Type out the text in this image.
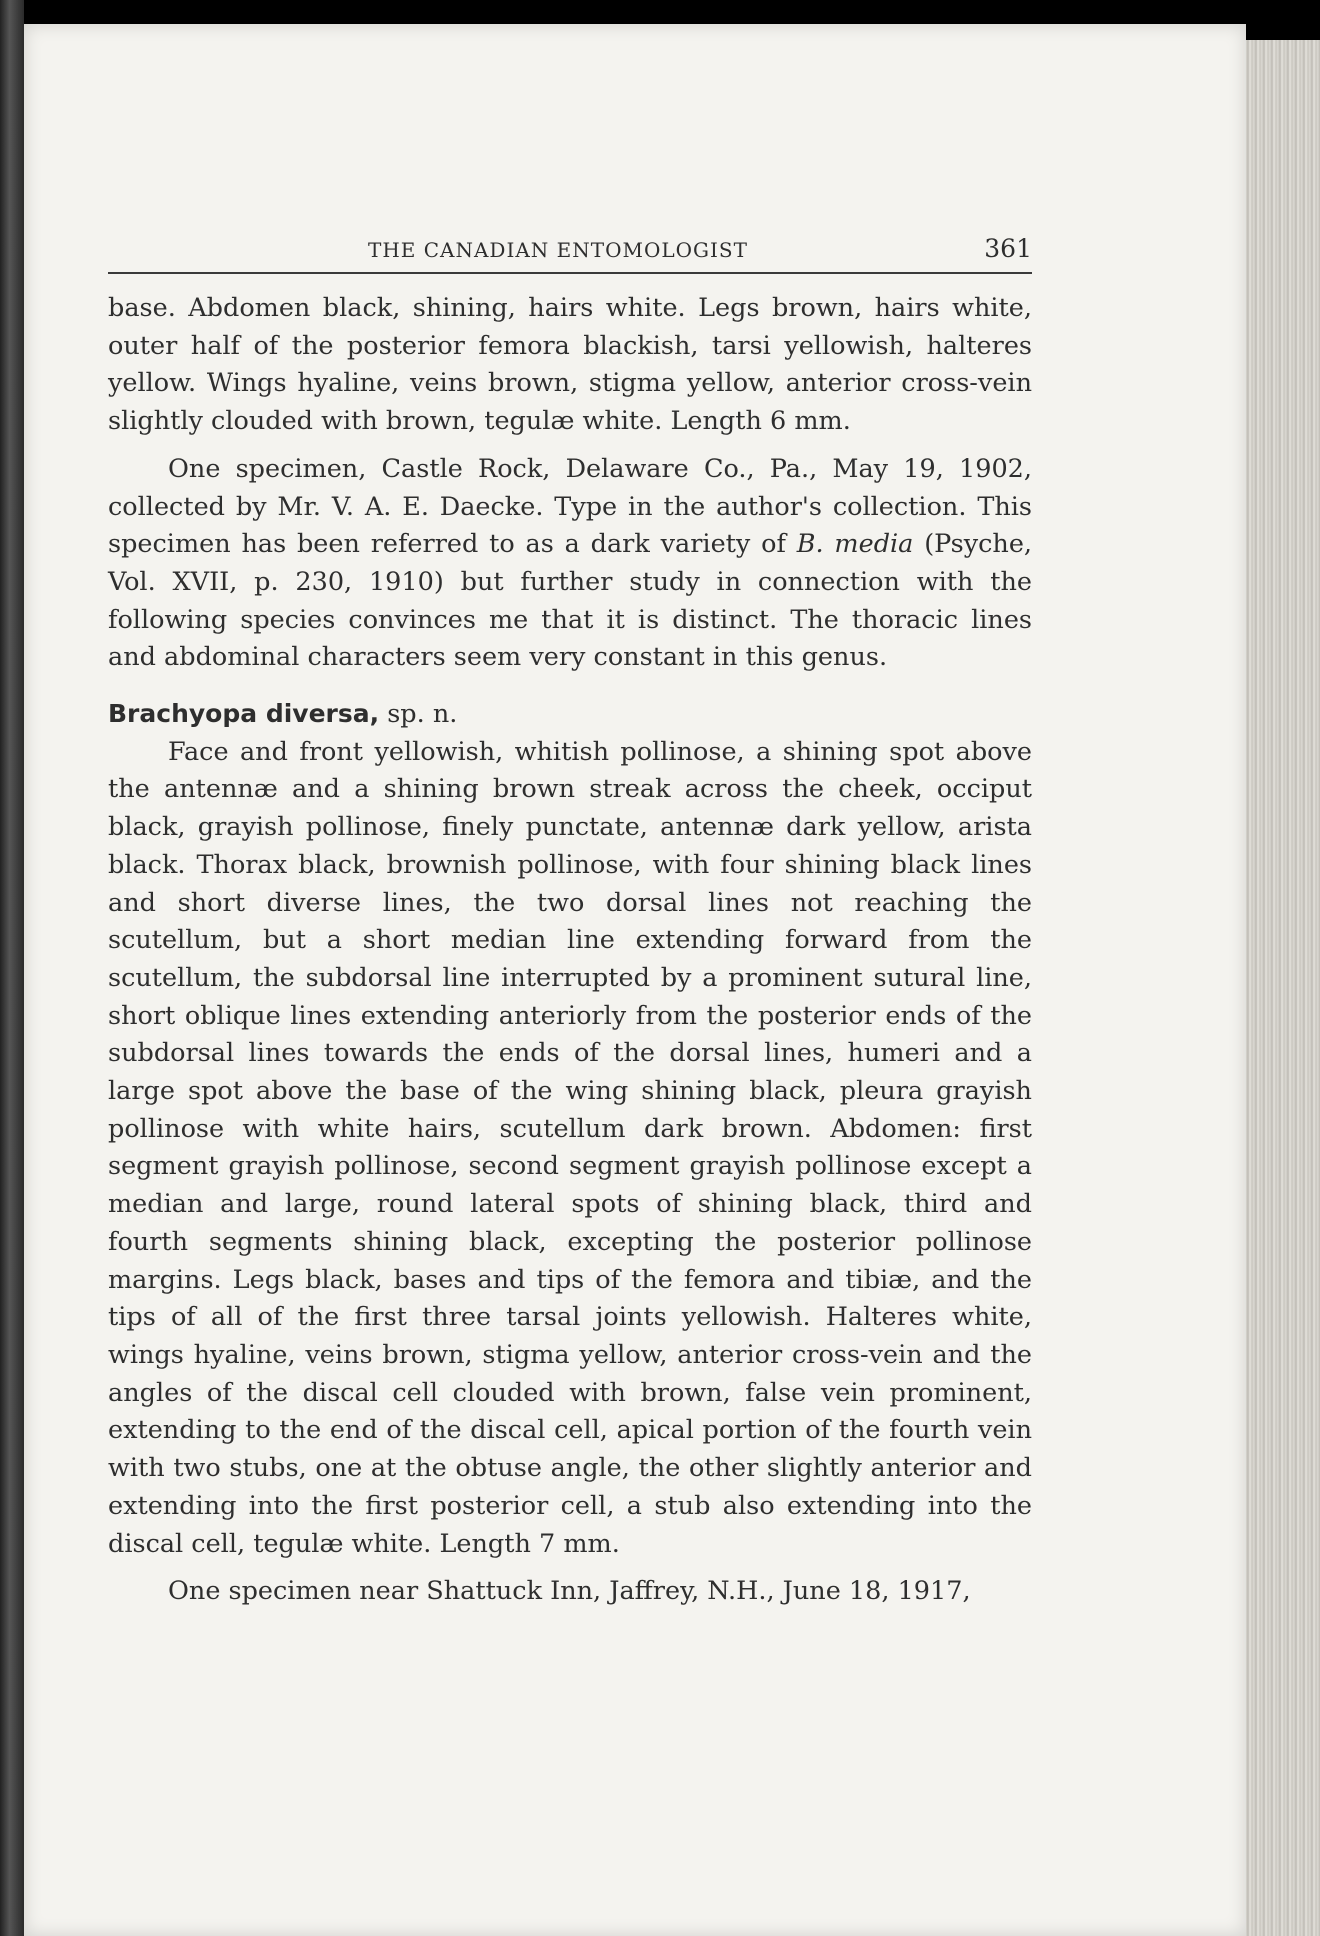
THE CANADIAN ENTOMOLOGIST	361

base. Abdomen black, shining, hairs white. Legs brown, hairs white, outer half of the posterior femora blackish, tarsi yellowish, halteres yellow. Wings hyaline, veins brown, stigma yellow, anterior cross-vein slightly clouded with brown, tegulæ white. Length 6 mm.

One specimen, Castle Rock, Delaware Co., Pa., May 19, 1902, collected by Mr. V. A. E. Daecke. Type in the author's collection. This specimen has been referred to as a dark variety of B. media (Psyche, Vol. XVII, p. 230, 1910) but further study in connection with the following species convinces me that it is distinct. The thoracic lines and abdominal characters seem very constant in this genus.

Brachyopa diversa, sp. n.

Face and front yellowish, whitish pollinose, a shining spot above the antennæ and a shining brown streak across the cheek, occiput black, grayish pollinose, finely punctate, antennæ dark yellow, arista black. Thorax black, brownish pollinose, with four shining black lines and short diverse lines, the two dorsal lines not reaching the scutellum, but a short median line extending forward from the scutellum, the subdorsal line interrupted by a prominent sutural line, short oblique lines extending anteriorly from the posterior ends of the subdorsal lines towards the ends of the dorsal lines, humeri and a large spot above the base of the wing shining black, pleura grayish pollinose with white hairs, scutellum dark brown. Abdomen: first segment grayish pollinose, second segment grayish pollinose except a median and large, round lateral spots of shining black, third and fourth segments shining black, excepting the posterior pollinose margins. Legs black, bases and tips of the femora and tibiæ, and the tips of all of the first three tarsal joints yellowish. Halteres white, wings hyaline, veins brown, stigma yellow, anterior cross-vein and the angles of the discal cell clouded with brown, false vein prominent, extending to the end of the discal cell, apical portion of the fourth vein with two stubs, one at the obtuse angle, the other slightly anterior and extending into the first posterior cell, a stub also extending into the discal cell, tegulæ white. Length 7 mm.

One specimen near Shattuck Inn, Jaffrey, N.H., June 18, 1917,
